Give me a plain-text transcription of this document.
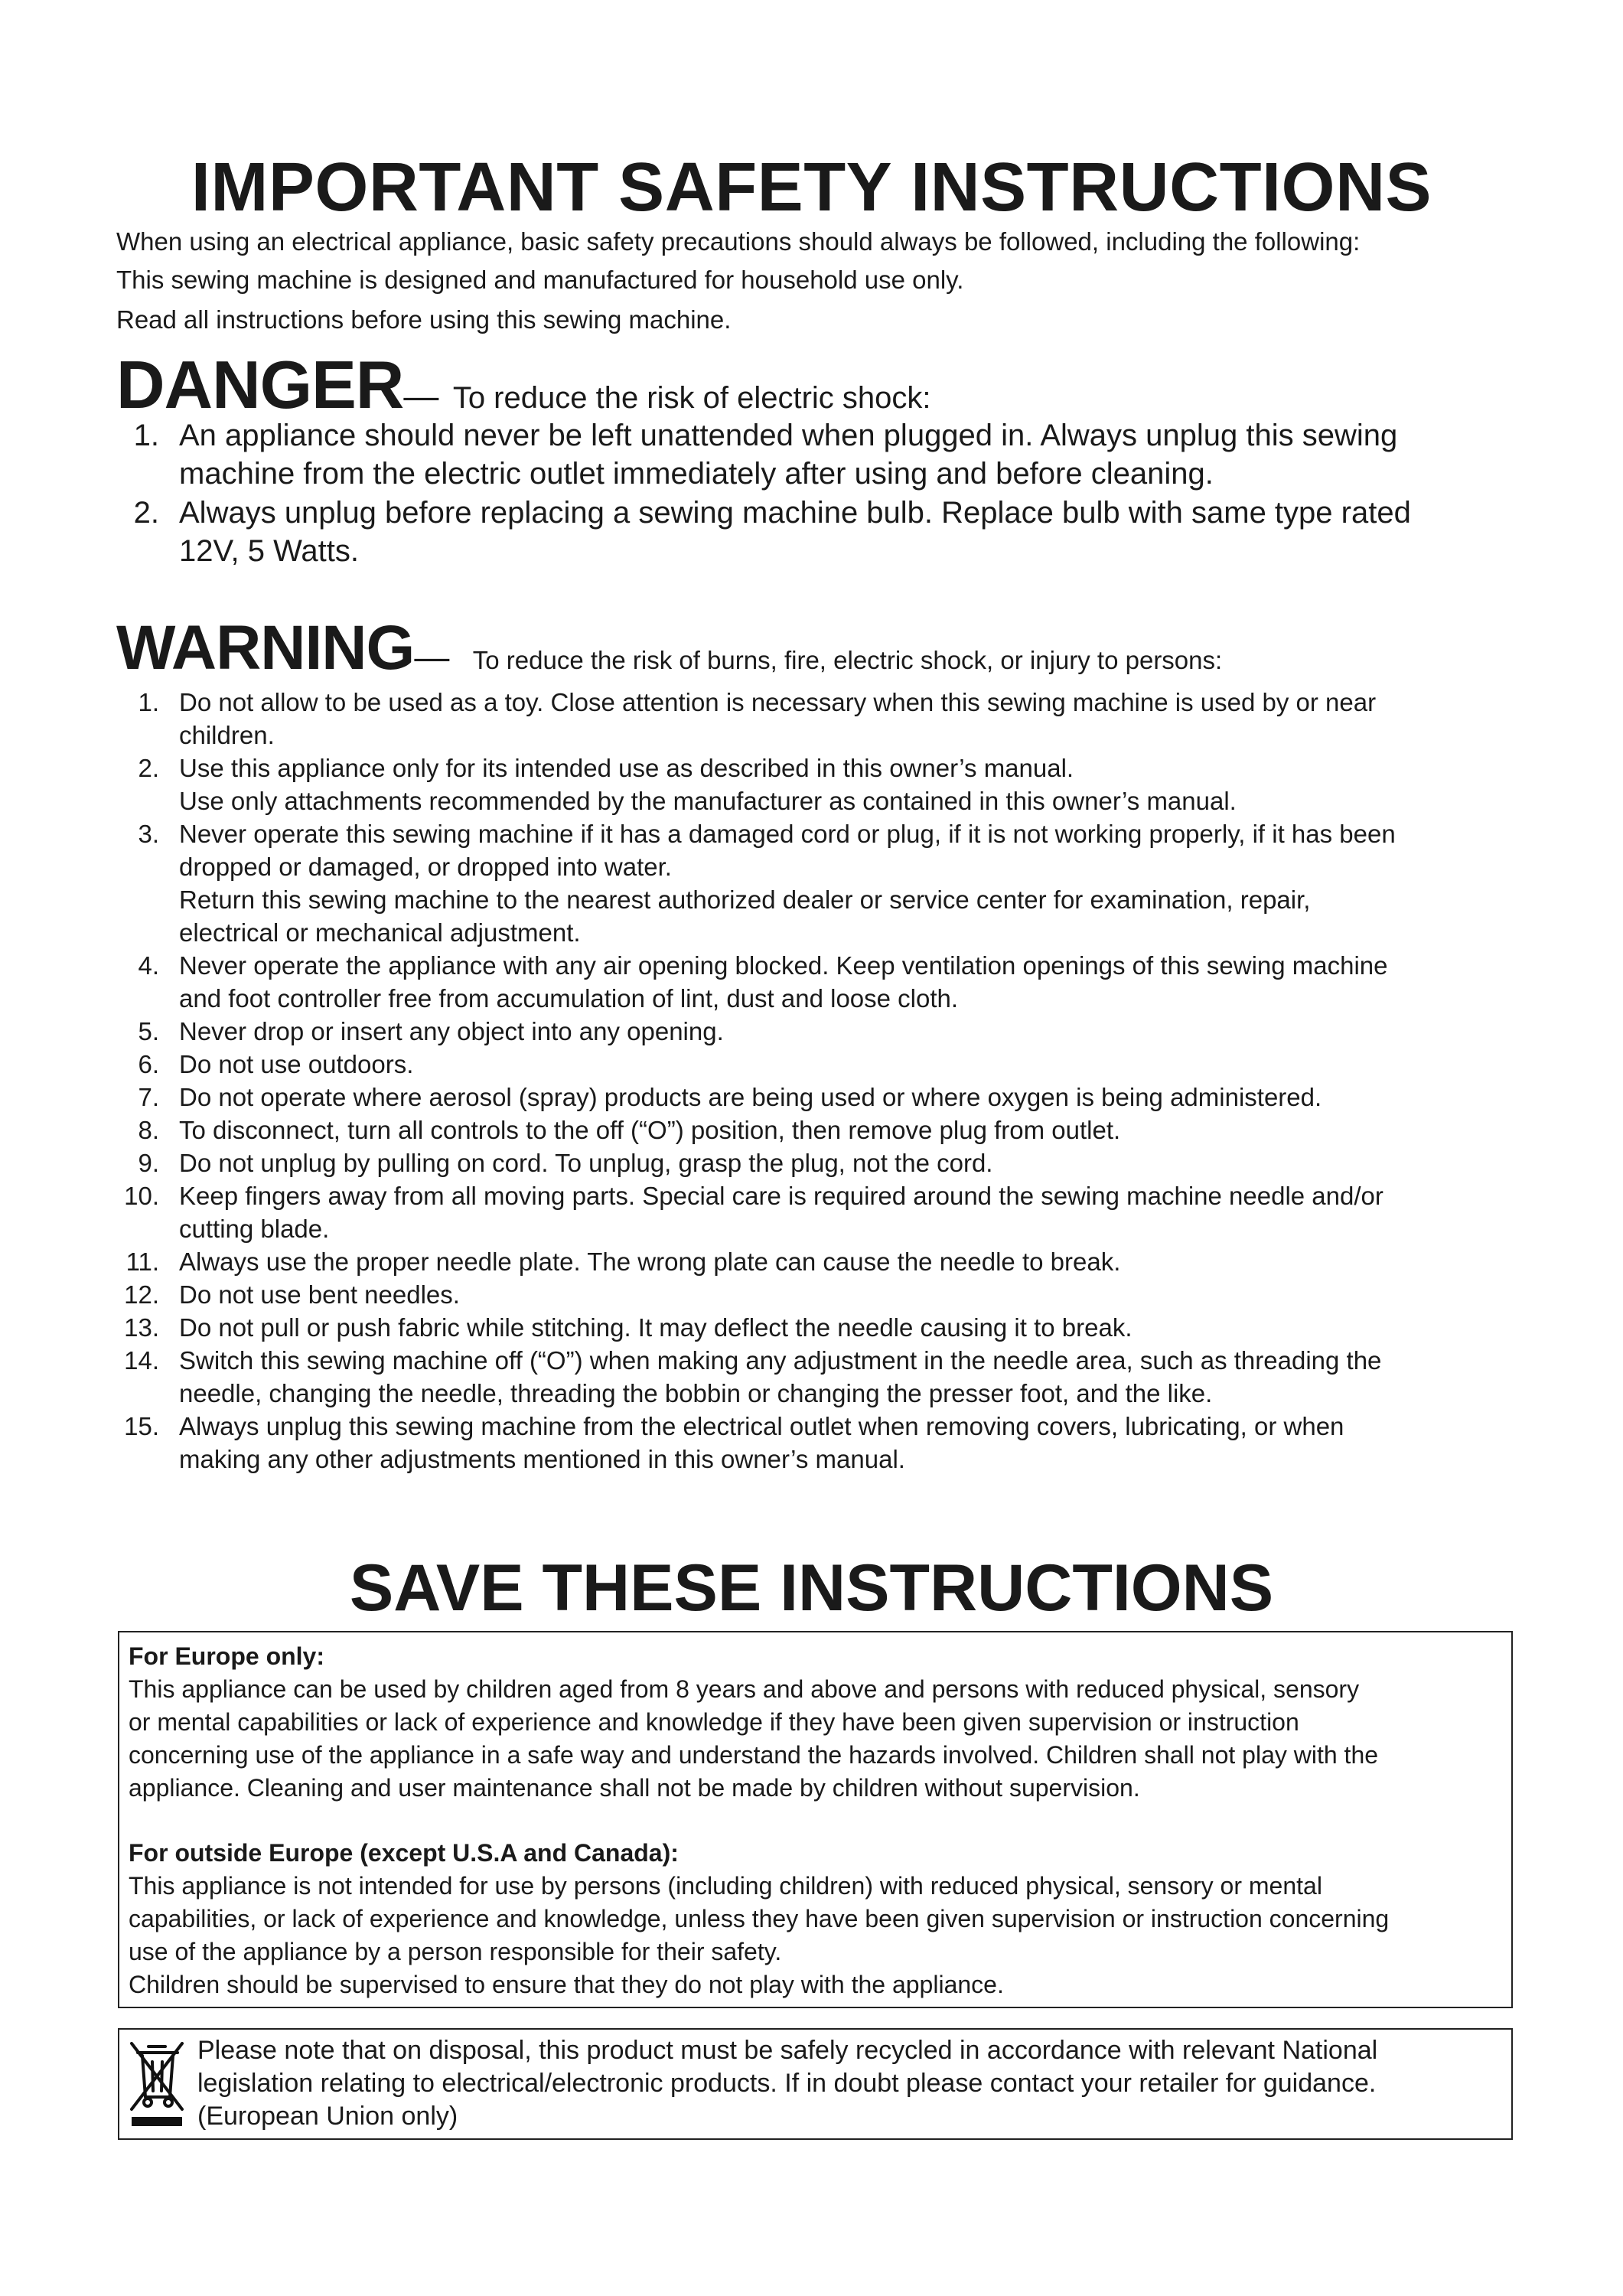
IMPORTANT SAFETY INSTRUCTIONS
When using an electrical appliance, basic safety precautions should always be followed, including the following:
This sewing machine is designed and manufactured for household use only.
Read all instructions before using this sewing machine.
DANGER— To reduce the risk of electric shock:
1. An appliance should never be left unattended when plugged in. Always unplug this sewing
machine from the electric outlet immediately after using and before cleaning.
2. Always unplug before replacing a sewing machine bulb. Replace bulb with same type rated
12V, 5 Watts.
WARNING— To reduce the risk of burns, fire, electric shock, or injury to persons:
1. Do not allow to be used as a toy. Close attention is necessary when this sewing machine is used by or near
children.
2. Use this appliance only for its intended use as described in this owner’s manual.
Use only attachments recommended by the manufacturer as contained in this owner’s manual.
3. Never operate this sewing machine if it has a damaged cord or plug, if it is not working properly, if it has been
dropped or damaged, or dropped into water.
Return this sewing machine to the nearest authorized dealer or service center for examination, repair,
electrical or mechanical adjustment.
4. Never operate the appliance with any air opening blocked. Keep ventilation openings of this sewing machine
and foot controller free from accumulation of lint, dust and loose cloth.
5. Never drop or insert any object into any opening.
6. Do not use outdoors.
7. Do not operate where aerosol (spray) products are being used or where oxygen is being administered.
8. To disconnect, turn all controls to the off (“O”) position, then remove plug from outlet.
9. Do not unplug by pulling on cord. To unplug, grasp the plug, not the cord.
10. Keep fingers away from all moving parts. Special care is required around the sewing machine needle and/or
cutting blade.
11. Always use the proper needle plate. The wrong plate can cause the needle to break.
12. Do not use bent needles.
13. Do not pull or push fabric while stitching. It may deflect the needle causing it to break.
14. Switch this sewing machine off (“O”) when making any adjustment in the needle area, such as threading the
needle, changing the needle, threading the bobbin or changing the presser foot, and the like.
15. Always unplug this sewing machine from the electrical outlet when removing covers, lubricating, or when
making any other adjustments mentioned in this owner’s manual.
SAVE THESE INSTRUCTIONS

For Europe only:

This appliance can be used by children aged from 8 years and above and persons with reduced physical, sensory

or mental capabilities or lack of experience and knowledge if they have been given supervision or instruction

concerning use of the appliance in a safe way and understand the hazards involved. Children shall not play with the

appliance. Cleaning and user maintenance shall not be made by children without supervision.

For outside Europe (except U.S.A and Canada):

This appliance is not intended for use by persons (including children) with reduced physical, sensory or mental

capabilities, or lack of experience and knowledge, unless they have been given supervision or instruction concerning

use of the appliance by a person responsible for their safety.

Children should be supervised to ensure that they do not play with the appliance.

Please note that on disposal, this product must be safely recycled in accordance with relevant National
legislation relating to electrical/electronic products. If in doubt please contact your retailer for guidance.
(European Union only)
